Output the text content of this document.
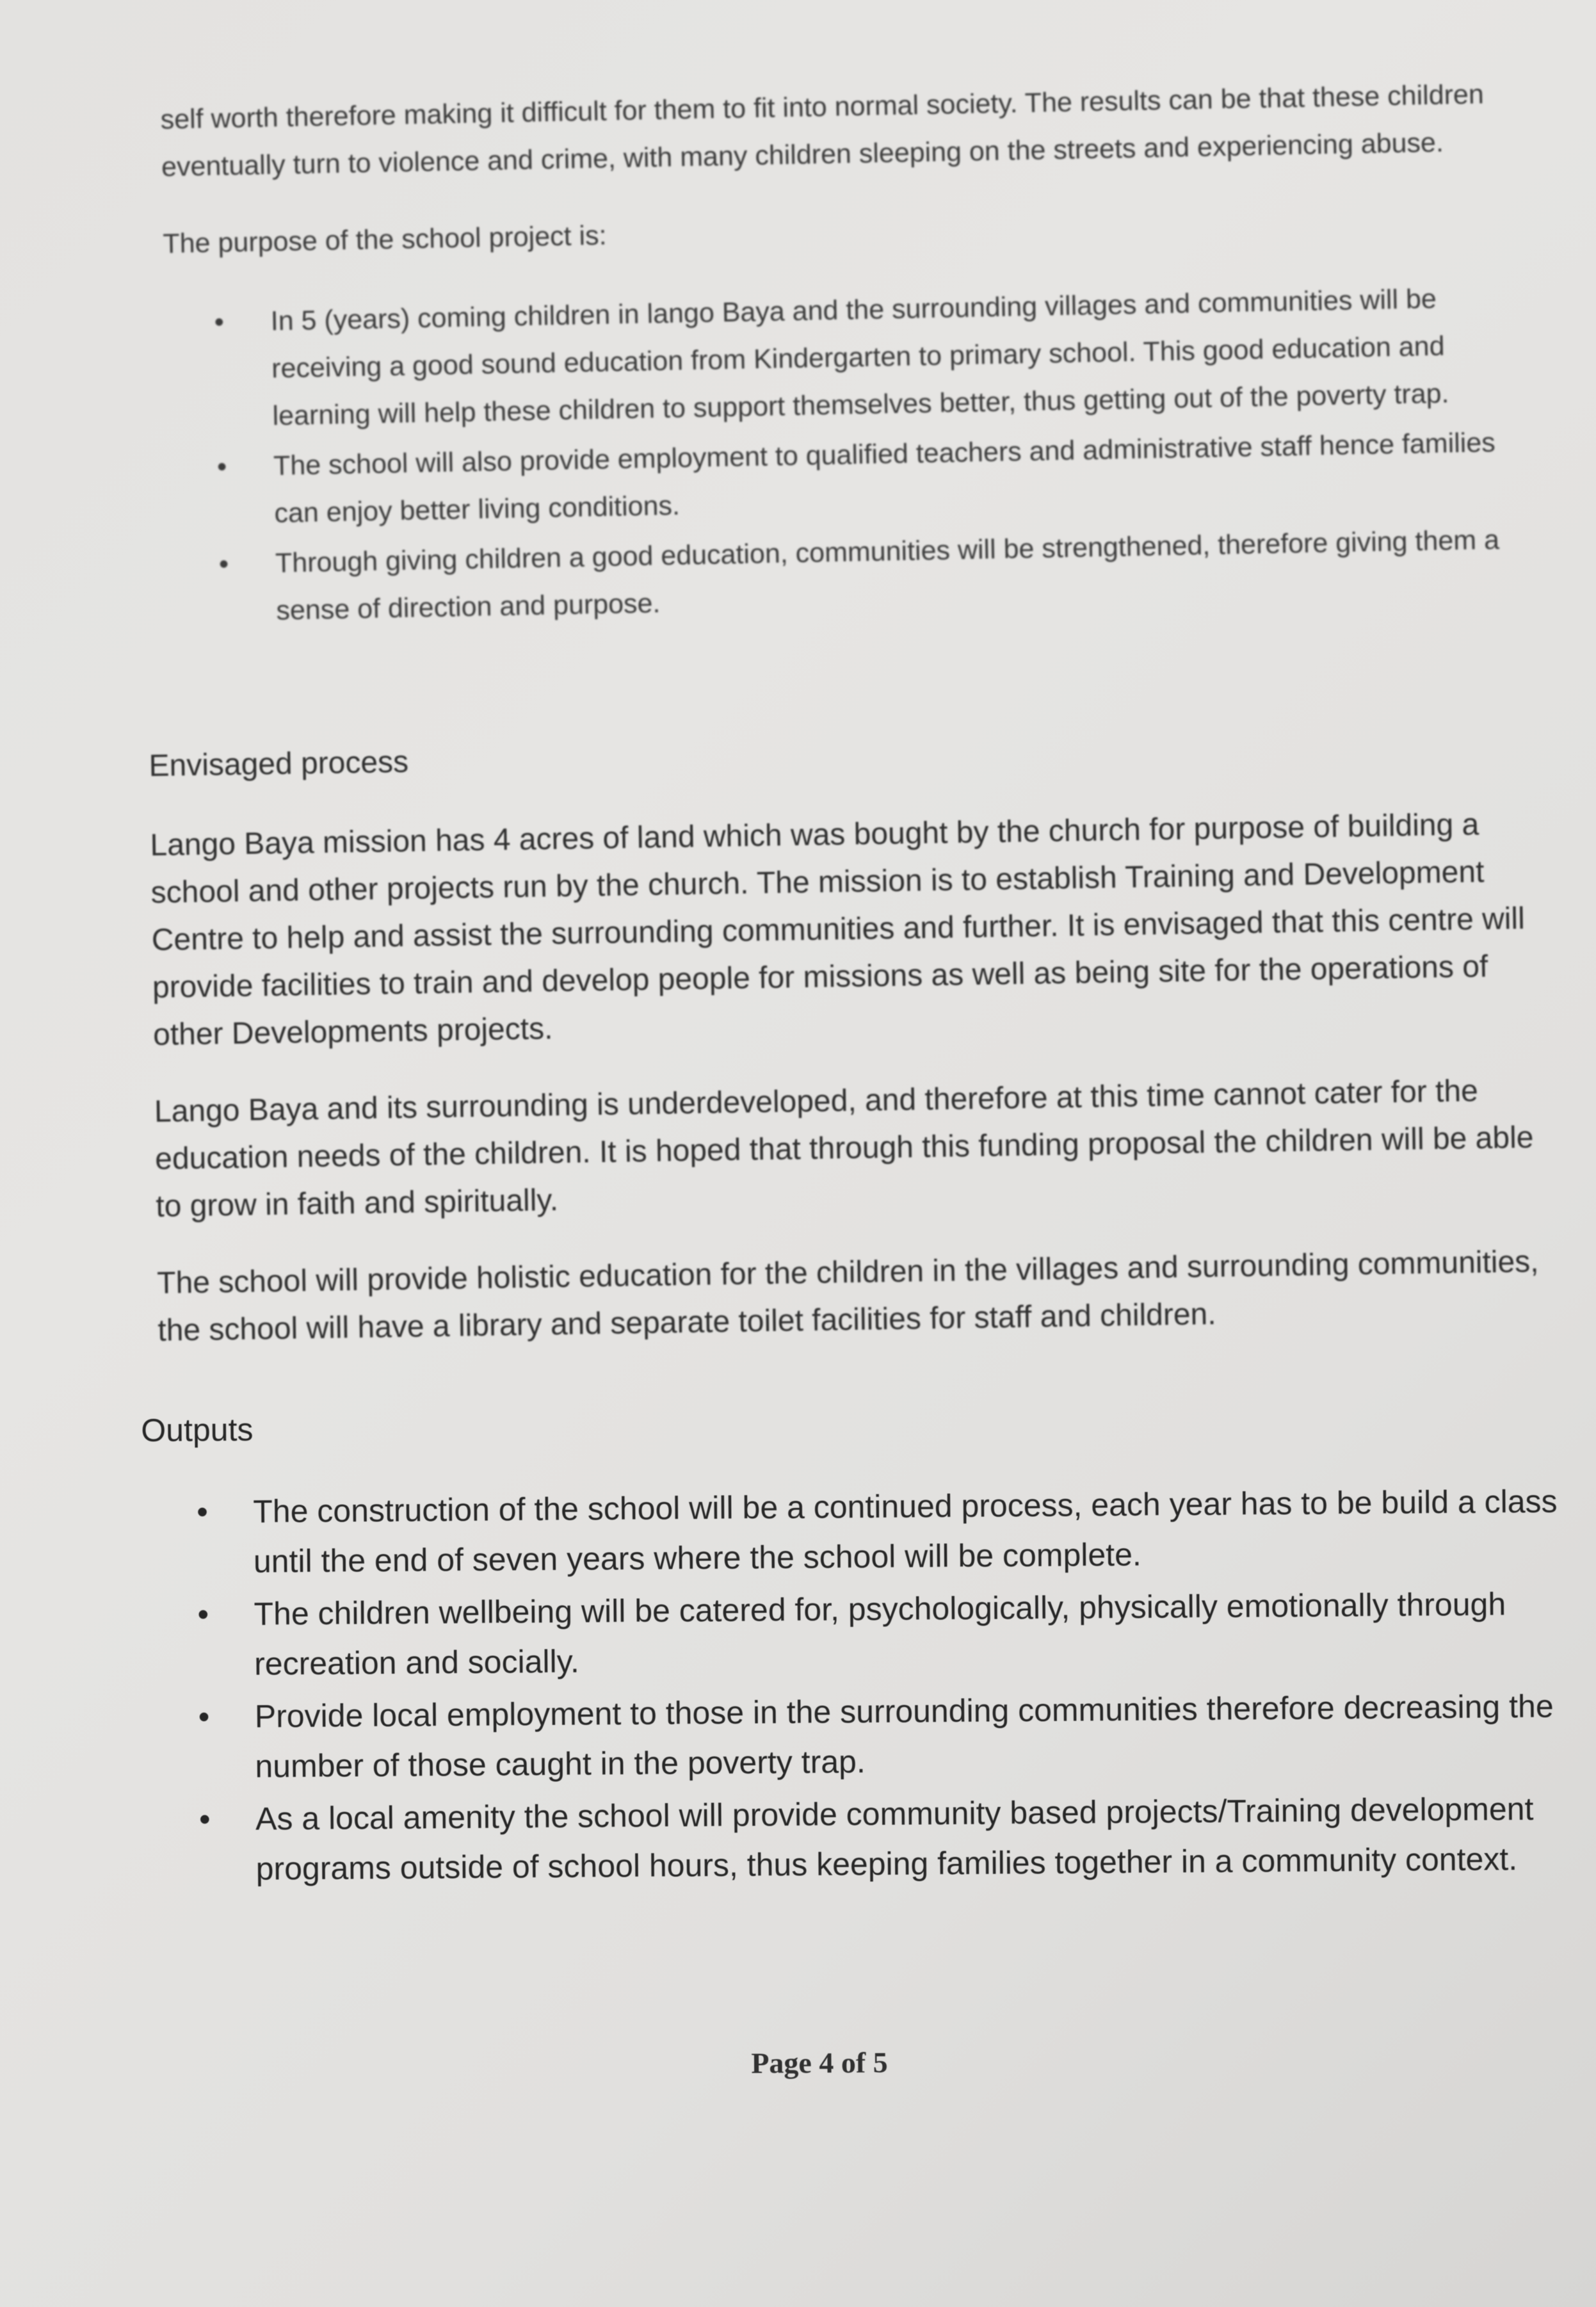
self worth therefore making it difficult for them to fit into normal society. The results can be that these children eventually turn to violence and crime, with many children sleeping on the streets and experiencing abuse.

The purpose of the school project is:

• In 5 (years) coming children in lango Baya and the surrounding villages and communities will be receiving a good sound education from Kindergarten to primary school. This good education and learning will help these children to support themselves better, thus getting out of the poverty trap.
• The school will also provide employment to qualified teachers and administrative staff hence families can enjoy better living conditions.
• Through giving children a good education, communities will be strengthened, therefore giving them a sense of direction and purpose.

Envisaged process

Lango Baya mission has 4 acres of land which was bought by the church for purpose of building a school and other projects run by the church. The mission is to establish Training and Development Centre to help and assist the surrounding communities and further. It is envisaged that this centre will provide facilities to train and develop people for missions as well as being site for the operations of other Developments projects.

Lango Baya and its surrounding is underdeveloped, and therefore at this time cannot cater for the education needs of the children. It is hoped that through this funding proposal the children will be able to grow in faith and spiritually.

The school will provide holistic education for the children in the villages and surrounding communities, the school will have a library and separate toilet facilities for staff and children.

Outputs

• The construction of the school will be a continued process, each year has to be build a class until the end of seven years where the school will be complete.
• The children wellbeing will be catered for, psychologically, physically emotionally through recreation and socially.
• Provide local employment to those in the surrounding communities therefore decreasing the number of those caught in the poverty trap.
• As a local amenity the school will provide community based projects/Training development programs outside of school hours, thus keeping families together in a community context.
Page 4 of 5
